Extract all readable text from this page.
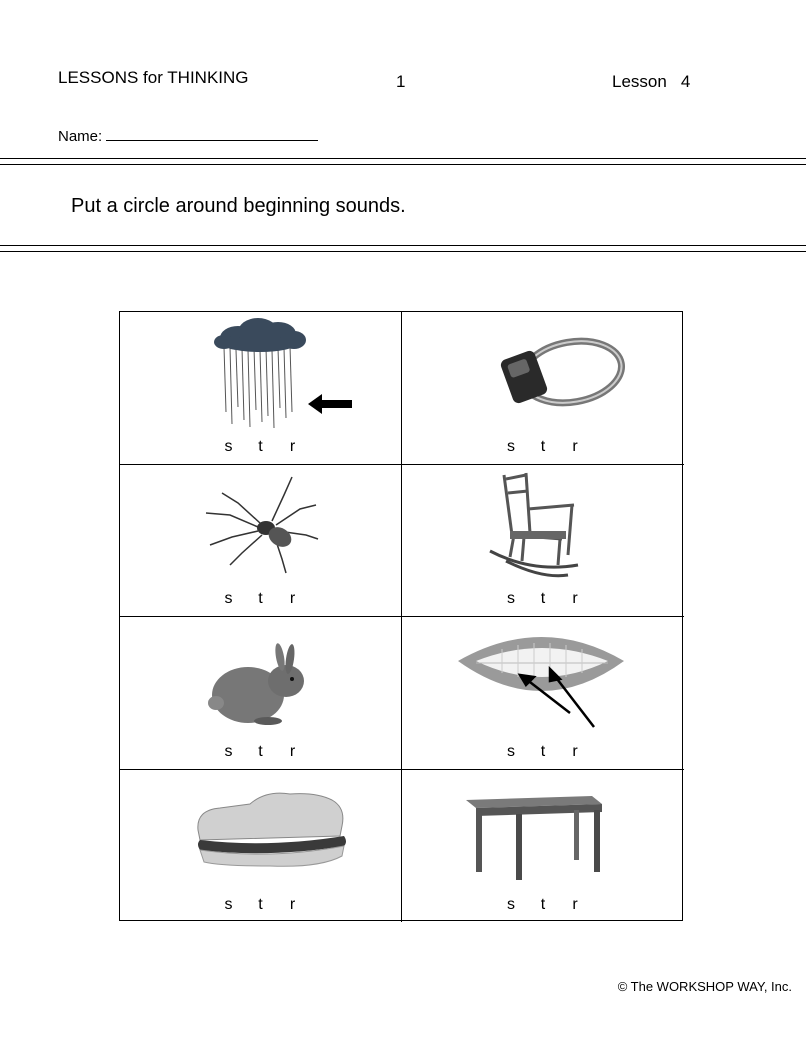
LESSONS for THINKING	1	Lesson 4
Name:
Put a circle around beginning sounds.
s t r	s t r
s t r	s t r
s t r	s t r
s t r	s t r
© The WORKSHOP WAY, Inc.
